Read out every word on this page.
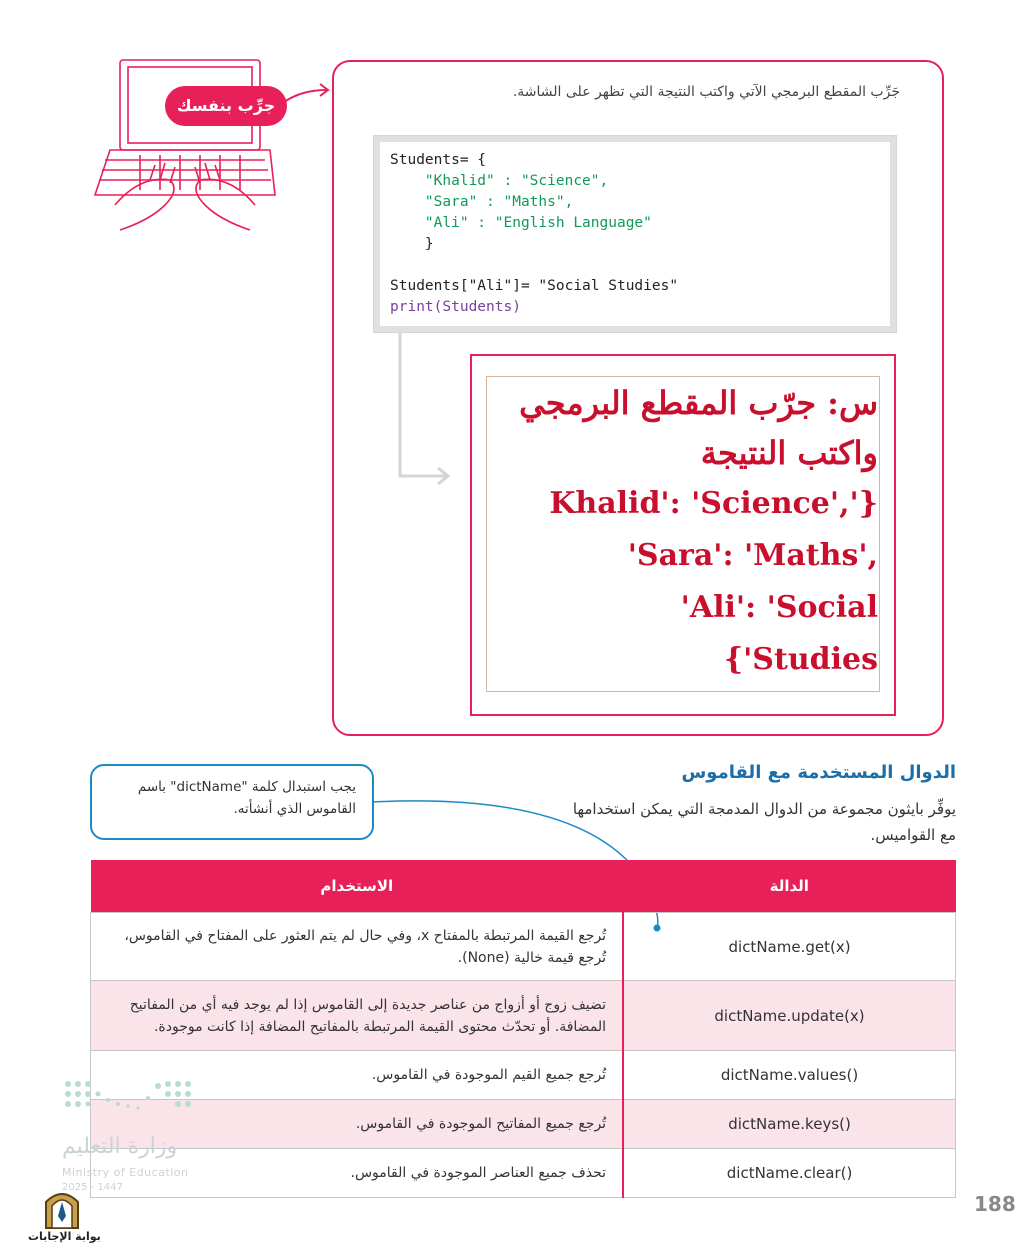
جرِّب بنفسك
جَرِّب المقطع البرمجي الآتي واكتب النتيجة التي تظهر على الشاشة.
Students= {
"Khalid" : "Science",
"Sara" : "Maths",
"Ali" : "English Language"
}

Students["Ali"]= "Social Studies"
print(Students)
س: جرّب المقطع البرمجي واكتب النتيجة
Khalid': 'Science','}
'Sara': 'Maths',
'Ali': 'Social
{'Studies
الدوال المستخدمة مع القاموس
يوفِّر بايثون مجموعة من الدوال المدمجة التي يمكن استخدامها مع القواميس.
يجب استبدال كلمة "dictName" باسم القاموس الذي أنشأته.
الدالة	الاستخدام
dictName.get(x)	تُرجع القيمة المرتبطة بالمفتاح x، وفي حال لم يتم العثور على المفتاح في القاموس، تُرجع قيمة خالية (None).
dictName.update(x)	تضيف زوج أو أزواج من عناصر جديدة إلى القاموس إذا لم يوجد فيه أي من المفاتيح المضافة. أو تحدّث محتوى القيمة المرتبطة بالمفاتيح المضافة إذا كانت موجودة.
dictName.values()	تُرجع جميع القيم الموجودة في القاموس.
dictName.keys()	تُرجع جميع المفاتيح الموجودة في القاموس.
dictName.clear()	تحذف جميع العناصر الموجودة في القاموس.
188
وزارة التعليم
Ministry of Education
2025 - 1447
بوابة الإجابات
